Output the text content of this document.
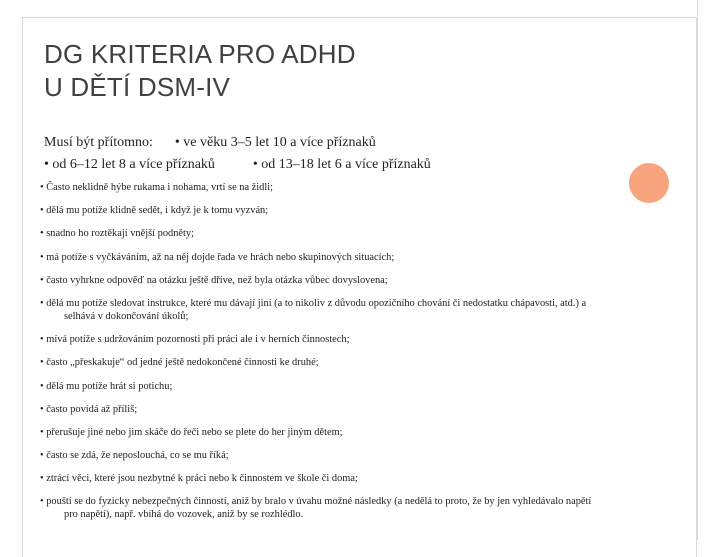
DG KRITERIA PRO ADHD
U DĚTÍ DSM-IV
Musí být přítomno: • ve věku 3–5 let 10 a více příznaků
• od 6–12 let 8 a více příznaků	• od 13–18 let 6 a více příznaků
• Často neklidně hýbe rukama i nohama, vrtí se na židli;
• dělá mu potíže klidně sedět, i když je k tomu vyzván;
• snadno ho roztěkají vnější podněty;
• má potíže s vyčkáváním, až na něj dojde řada ve hrách nebo skupinových situacích;
• často vyhrkne odpověď na otázku ještě dříve, než byla otázka vůbec dovyslovena;
• dělá mu potíže sledovat instrukce, které mu dávají jiní (a to nikoliv z důvodu opozičního chování či nedostatku chápavosti, atd.) a selhává v dokončování úkolů;
• mívá potíže s udržováním pozornosti při práci ale i v herních činnostech;
• často „přeskakuje“ od jedné ještě nedokončené činnosti ke druhé;
• dělá mu potíže hrát si potichu;
• často povídá až příliš;
• přerušuje jiné nebo jim skáče do řeči nebo se plete do her jiným dětem;
• často se zdá, že neposlouchá, co se mu říká;
• ztrácí věci, které jsou nezbytné k práci nebo k činnostem ve škole či doma;
• pouští se do fyzicky nebezpečných činností, aniž by bralo v úvahu možné následky (a nedělá to proto, že by jen vyhledávalo napětí pro napětí), např. vbíhá do vozovek, aniž by se rozhlédlo.
